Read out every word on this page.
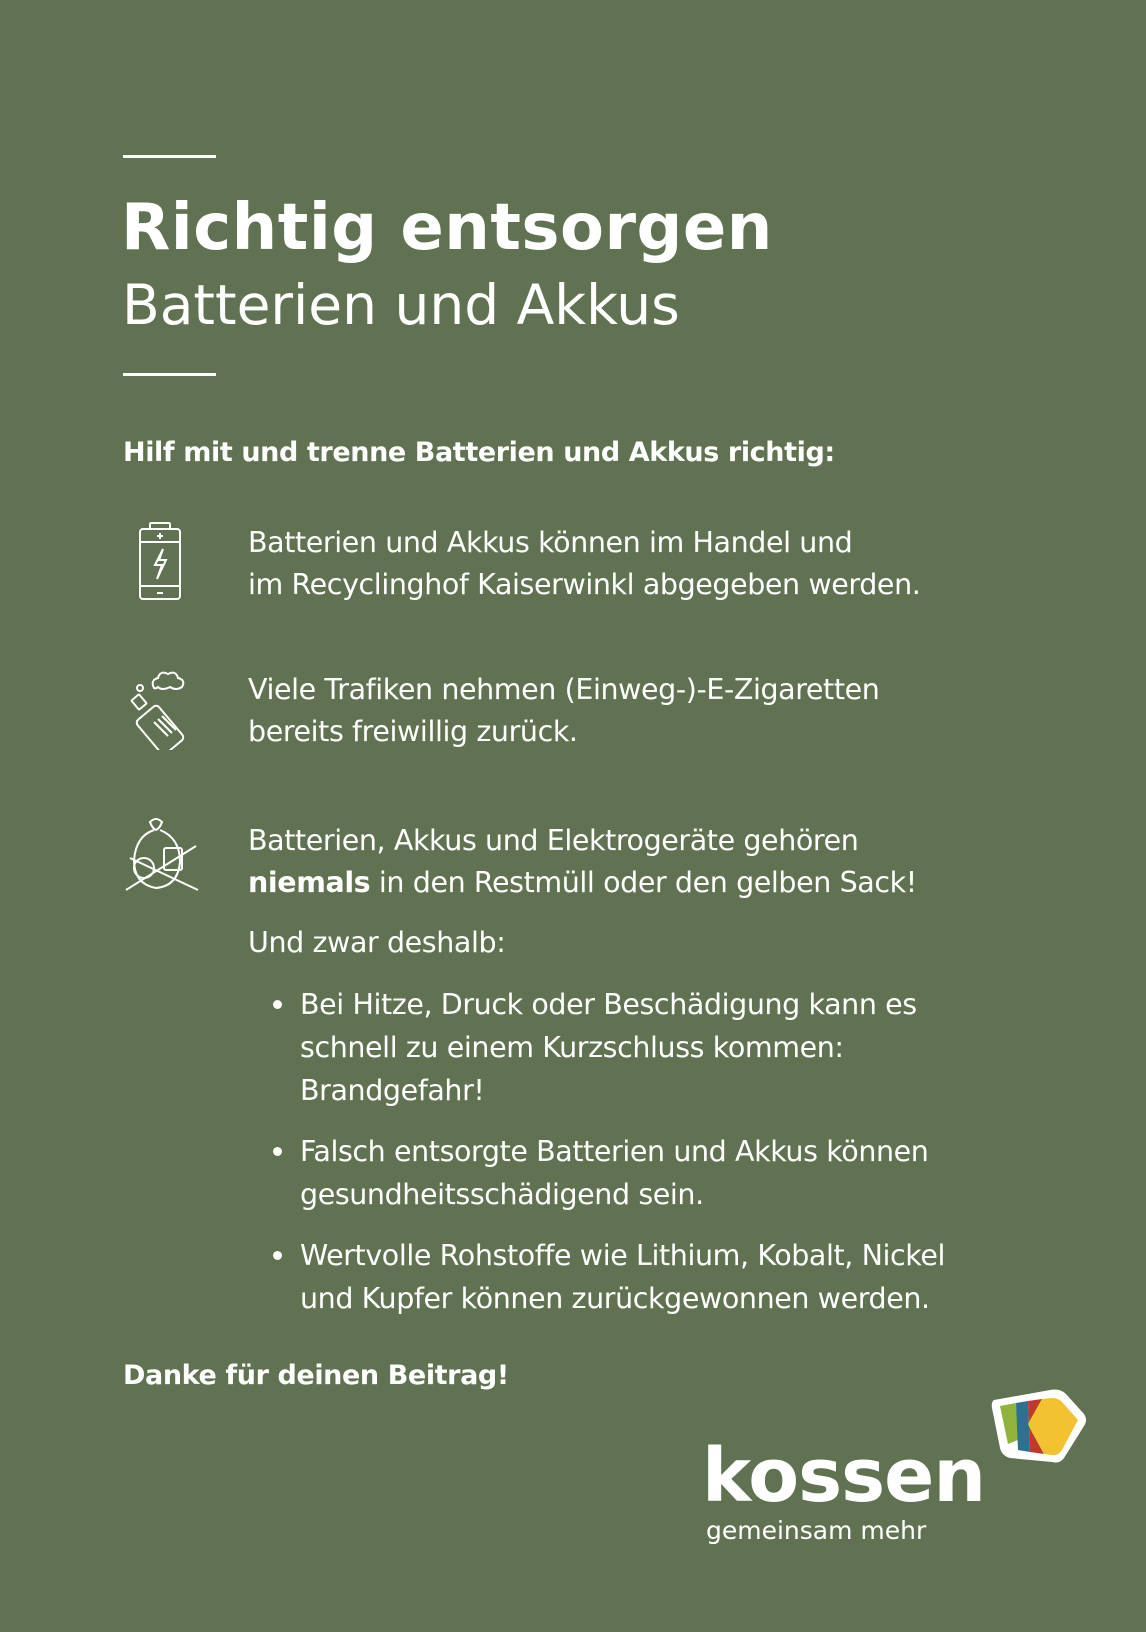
Richtig entsorgen
Batterien und Akkus
Hilf mit und trenne Batterien und Akkus richtig:
Batterien und Akkus können im Handel und
im Recyclinghof Kaiserwinkl abgegeben werden.
Viele Trafiken nehmen (Einweg-)-E-Zigaretten
bereits freiwillig zurück.
Batterien, Akkus und Elektrogeräte gehören
niemals in den Restmüll oder den gelben Sack!
Und zwar deshalb:
Bei Hitze, Druck oder Beschädigung kann es
schnell zu einem Kurzschluss kommen:
Brandgefahr!
Falsch entsorgte Batterien und Akkus können
gesundheitsschädigend sein.
Wertvolle Rohstoffe wie Lithium, Kobalt, Nickel
und Kupfer können zurückgewonnen werden.
Danke für deinen Beitrag!
kossen
gemeinsam mehr
